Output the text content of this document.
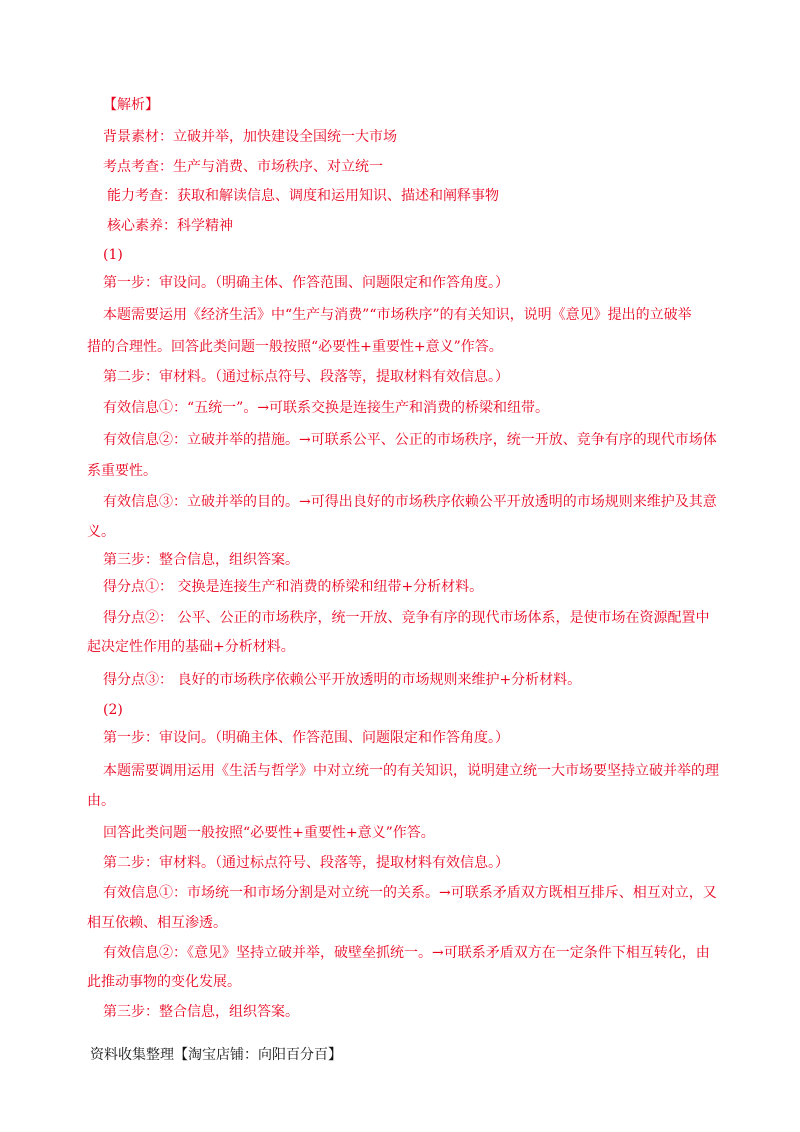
【解析】
背景素材：立破并举，加快建设全国统一大市场
考点考查：生产与消费、市场秩序、对立统一
能力考查：获取和解读信息、调度和运用知识、描述和阐释事物
核心素养：科学精神
(1)
第一步：审设问。（明确主体、作答范围、问题限定和作答角度。）
本题需要运用《经济生活》中“生产与消费”“市场秩序”的有关知识，说明《意见》提出的立破举
措的合理性。回答此类问题一般按照“必要性+重要性+意义”作答。
第二步：审材料。（通过标点符号、段落等，提取材料有效信息。）
有效信息①：“五统一”。→可联系交换是连接生产和消费的桥梁和纽带。
有效信息②：立破并举的措施。→可联系公平、公正的市场秩序，统一开放、竞争有序的现代市场体
系重要性。
有效信息③：立破并举的目的。→可得出良好的市场秩序依赖公平开放透明的市场规则来维护及其意
义。
第三步：整合信息，组织答案。
得分点①： 交换是连接生产和消费的桥梁和纽带+分析材料。
得分点②： 公平、公正的市场秩序，统一开放、竞争有序的现代市场体系，是使市场在资源配置中
起决定性作用的基础+分析材料。
得分点③： 良好的市场秩序依赖公平开放透明的市场规则来维护+分析材料。
(2)
第一步：审设问。（明确主体、作答范围、问题限定和作答角度。）
本题需要调用运用《生活与哲学》中对立统一的有关知识，说明建立统一大市场要坚持立破并举的理
由。
回答此类问题一般按照“必要性+重要性+意义”作答。
第二步：审材料。（通过标点符号、段落等，提取材料有效信息。）
有效信息①：市场统一和市场分割是对立统一的关系。→可联系矛盾双方既相互排斥、相互对立，又
相互依赖、相互渗透。
有效信息②：《意见》坚持立破并举，破壁垒抓统一。→可联系矛盾双方在一定条件下相互转化，由
此推动事物的变化发展。
第三步：整合信息，组织答案。
资料收集整理【淘宝店铺：向阳百分百】
